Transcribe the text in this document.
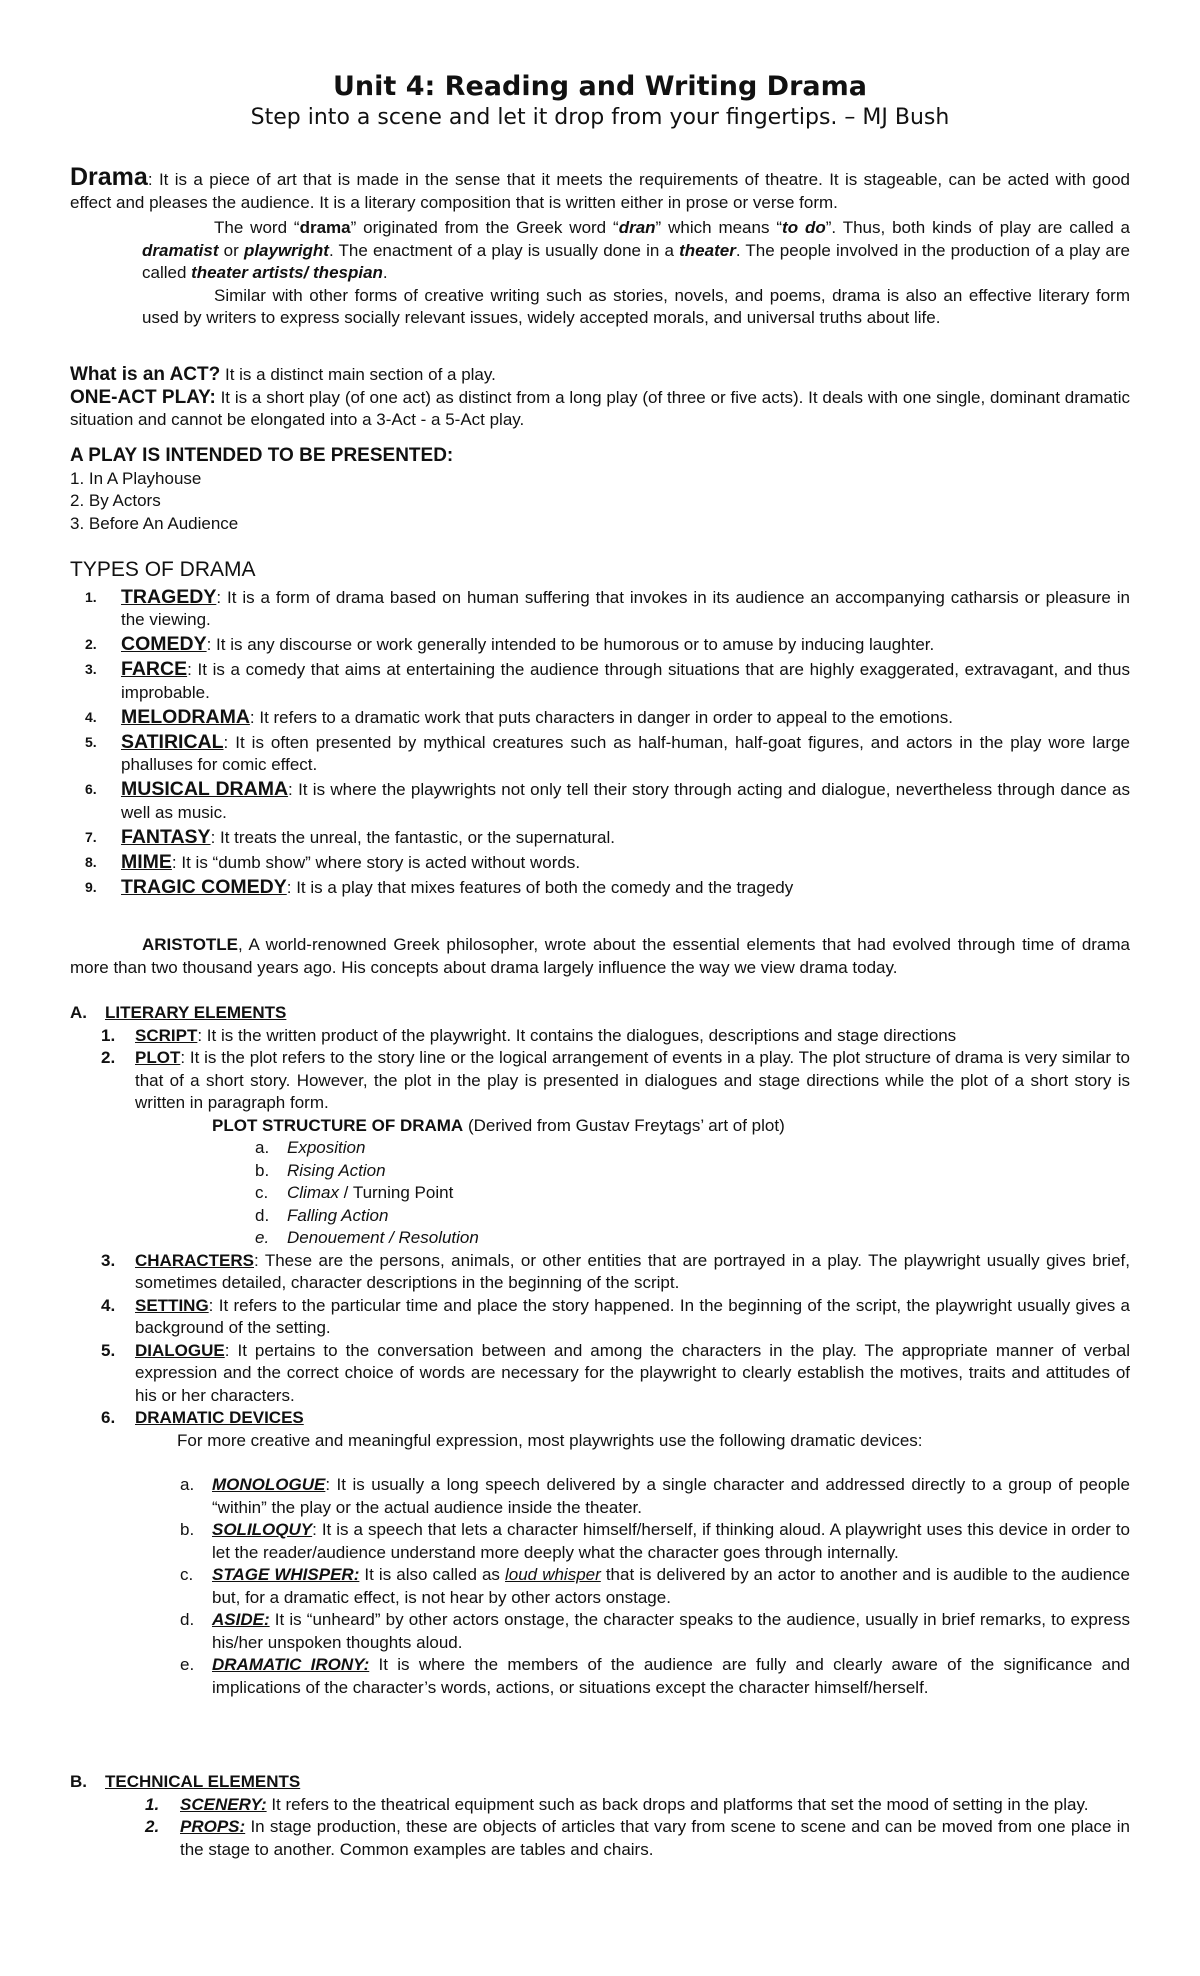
Unit 4: Reading and Writing Drama
Step into a scene and let it drop from your fingertips. – MJ Bush

Drama: It is a piece of art that is made in the sense that it meets the requirements of theatre. It is stageable, can be acted with good effect and pleases the audience. It is a literary composition that is written either in prose or verse form.

The word “drama” originated from the Greek word “dran” which means “to do”. Thus, both kinds of play are called a dramatist or playwright. The enactment of a play is usually done in a theater. The people involved in the production of a play are called theater artists/ thespian.

Similar with other forms of creative writing such as stories, novels, and poems, drama is also an effective literary form used by writers to express socially relevant issues, widely accepted morals, and universal truths about life.

What is an ACT? It is a distinct main section of a play.

ONE-ACT PLAY: It is a short play (of one act) as distinct from a long play (of three or five acts). It deals with one single, dominant dramatic situation and cannot be elongated into a 3-Act - a 5-Act play.

A PLAY IS INTENDED TO BE PRESENTED:

1. In A Playhouse

2. By Actors

3. Before An Audience

TYPES OF DRAMA

1. TRAGEDY: It is a form of drama based on human suffering that invokes in its audience an accompanying catharsis or pleasure in the viewing.
2. COMEDY: It is any discourse or work generally intended to be humorous or to amuse by inducing laughter.
3. FARCE: It is a comedy that aims at entertaining the audience through situations that are highly exaggerated, extravagant, and thus improbable.
4. MELODRAMA: It refers to a dramatic work that puts characters in danger in order to appeal to the emotions.
5. SATIRICAL: It is often presented by mythical creatures such as half-human, half-goat figures, and actors in the play wore large phalluses for comic effect.
6. MUSICAL DRAMA: It is where the playwrights not only tell their story through acting and dialogue, nevertheless through dance as well as music.
7. FANTASY: It treats the unreal, the fantastic, or the supernatural.
8. MIME: It is “dumb show” where story is acted without words.
9. TRAGIC COMEDY: It is a play that mixes features of both the comedy and the tragedy

ARISTOTLE, A world-renowned Greek philosopher, wrote about the essential elements that had evolved through time of drama more than two thousand years ago. His concepts about drama largely influence the way we view drama today.

A.	LITERARY ELEMENTS
1. SCRIPT: It is the written product of the playwright. It contains the dialogues, descriptions and stage directions
2. PLOT: It is the plot refers to the story line or the logical arrangement of events in a play. The plot structure of drama is very similar to that of a short story. However, the plot in the play is presented in dialogues and stage directions while the plot of a short story is written in paragraph form.

PLOT STRUCTURE OF DRAMA (Derived from Gustav Freytags’ art of plot)

a. Exposition
b. Rising Action
c. Climax / Turning Point
d. Falling Action
e. Denouement / Resolution
3. CHARACTERS: These are the persons, animals, or other entities that are portrayed in a play. The playwright usually gives brief, sometimes detailed, character descriptions in the beginning of the script.
4. SETTING: It refers to the particular time and place the story happened. In the beginning of the script, the playwright usually gives a background of the setting.
5. DIALOGUE: It pertains to the conversation between and among the characters in the play. The appropriate manner of verbal expression and the correct choice of words are necessary for the playwright to clearly establish the motives, traits and attitudes of his or her characters.
6. DRAMATIC DEVICES

For more creative and meaningful expression, most playwrights use the following dramatic devices:

a. MONOLOGUE: It is usually a long speech delivered by a single character and addressed directly to a group of people “within” the play or the actual audience inside the theater.
b. SOLILOQUY: It is a speech that lets a character himself/herself, if thinking aloud. A playwright uses this device in order to let the reader/audience understand more deeply what the character goes through internally.
c. STAGE WHISPER: It is also called as loud whisper that is delivered by an actor to another and is audible to the audience but, for a dramatic effect, is not hear by other actors onstage.
d. ASIDE: It is “unheard” by other actors onstage, the character speaks to the audience, usually in brief remarks, to express his/her unspoken thoughts aloud.
e. DRAMATIC IRONY: It is where the members of the audience are fully and clearly aware of the significance and implications of the character’s words, actions, or situations except the character himself/herself.
B.	TECHNICAL ELEMENTS
1. SCENERY: It refers to the theatrical equipment such as back drops and platforms that set the mood of setting in the play.
2. PROPS: In stage production, these are objects of articles that vary from scene to scene and can be moved from one place in the stage to another. Common examples are tables and chairs.
